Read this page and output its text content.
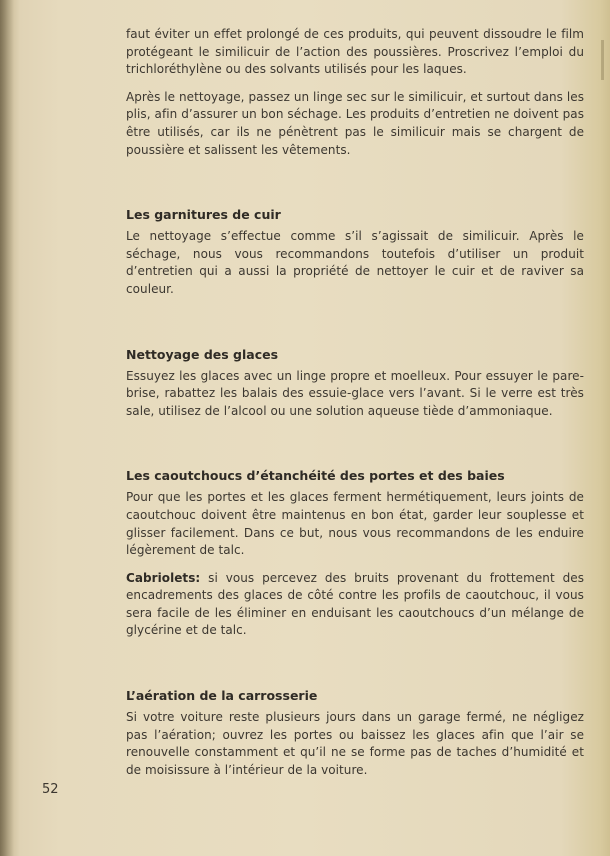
faut éviter un effet prolongé de ces produits, qui peuvent dissoudre le film protégeant le similicuir de l’action des poussières. Proscrivez l’emploi du trichloréthylène ou des solvants utilisés pour les laques.

Après le nettoyage, passez un linge sec sur le similicuir, et surtout dans les plis, afin d’assurer un bon séchage. Les produits d’entretien ne doivent pas être utilisés, car ils ne pénètrent pas le similicuir mais se chargent de poussière et salissent les vêtements.

Les garnitures de cuir

Le nettoyage s’effectue comme s’il s’agissait de similicuir. Après le séchage, nous vous recommandons toutefois d’utiliser un produit d’entretien qui a aussi la propriété de nettoyer le cuir et de raviver sa couleur.

Nettoyage des glaces

Essuyez les glaces avec un linge propre et moelleux. Pour essuyer le pare-brise, rabattez les balais des essuie-glace vers l’avant. Si le verre est très sale, utilisez de l’alcool ou une solution aqueuse tiède d’ammoniaque.

Les caoutchoucs d’étanchéité des portes et des baies

Pour que les portes et les glaces ferment hermétiquement, leurs joints de caoutchouc doivent être maintenus en bon état, garder leur souplesse et glisser facilement. Dans ce but, nous vous recommandons de les enduire légèrement de talc.

Cabriolets: si vous percevez des bruits provenant du frottement des encadrements des glaces de côté contre les profils de caoutchouc, il vous sera facile de les éliminer en enduisant les caoutchoucs d’un mélange de glycérine et de talc.

L’aération de la carrosserie

Si votre voiture reste plusieurs jours dans un garage fermé, ne négligez pas l’aération; ouvrez les portes ou baissez les glaces afin que l’air se renouvelle constamment et qu’il ne se forme pas de taches d’humidité et de moisissure à l’intérieur de la voiture.

52
